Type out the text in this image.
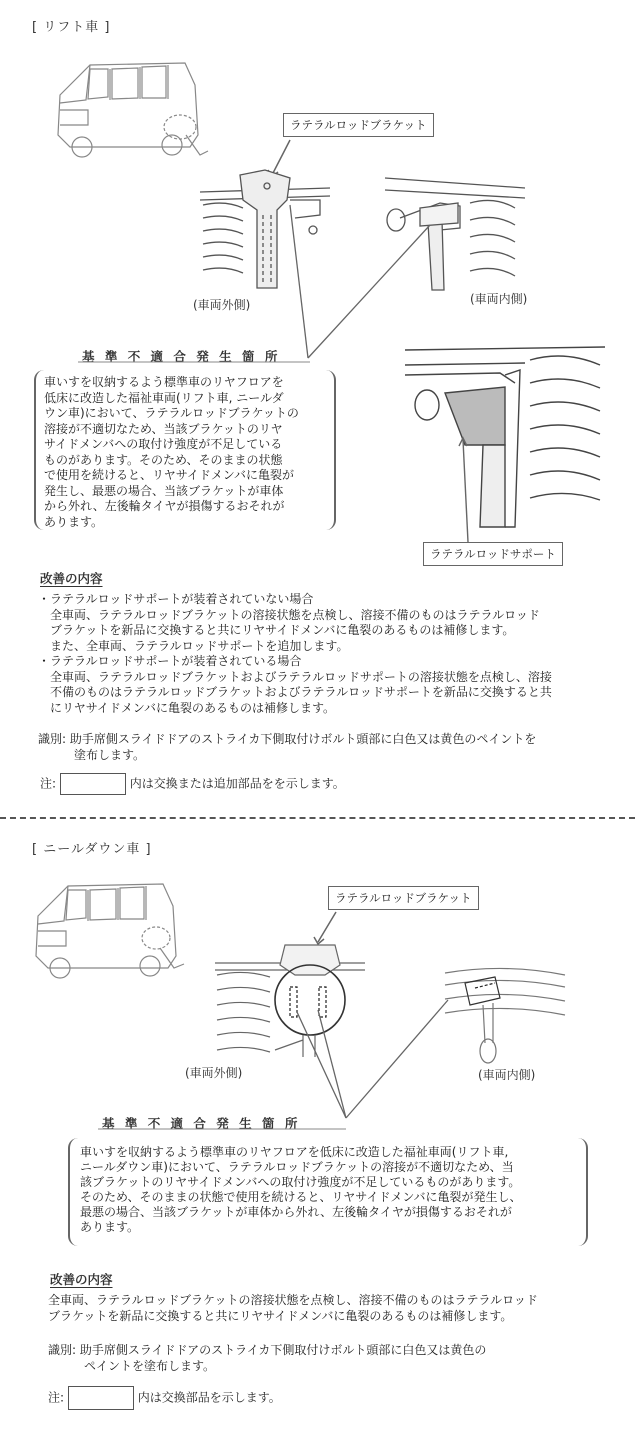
[ リフト車 ]
ラテラルロッドブラケット
(車両外側)	(車両内側)
基 準 不 適 合 発 生 箇 所
車いすを収納するよう標準車のリヤフロアを
低床に改造した福祉車両(リフト車, ニールダ
ウン車)において、ラテラルロッドブラケットの
溶接が不適切なため、当該ブラケットのリヤ
サイドメンバへの取付け強度が不足している
ものがあります。そのため、そのままの状態
で使用を続けると、リヤサイドメンバに亀裂が
発生し、最悪の場合、当該ブラケットが車体
から外れ、左後輪タイヤが損傷するおそれが
あります。
ラテラルロッドサポート
改善の内容
・ラテラルロッドサポートが装着されていない場合
　全車両、ラテラルロッドブラケットの溶接状態を点検し、溶接不備のものはラテラルロッド
　ブラケットを新品に交換すると共にリヤサイドメンバに亀裂のあるものは補修します。
　また、全車両、ラテラルロッドサポートを追加します。
・ラテラルロッドサポートが装着されている場合
　全車両、ラテラルロッドブラケットおよびラテラルロッドサポートの溶接状態を点検し、溶接
　不備のものはラテラルロッドブラケットおよびラテラルロッドサポートを新品に交換すると共
　にリヤサイドメンバに亀裂のあるものは補修します。
識別: 助手席側スライドドアのストライカ下側取付けボルト頭部に白色又は黄色のペイントを
　　　塗布します。
注:	内は交換または追加部品をを示します。
[ ニールダウン車 ]
ラテラルロッドブラケット
(車両外側)	(車両内側)
基 準 不 適 合 発 生 箇 所
車いすを収納するよう標準車のリヤフロアを低床に改造した福祉車両(リフト車,
ニールダウン車)において、ラテラルロッドブラケットの溶接が不適切なため、当
該ブラケットのリヤサイドメンバへの取付け強度が不足しているものがあります。
そのため、そのままの状態で使用を続けると、リヤサイドメンバに亀裂が発生し、
最悪の場合、当該ブラケットが車体から外れ、左後輪タイヤが損傷するおそれが
あります。
改善の内容
全車両、ラテラルロッドブラケットの溶接状態を点検し、溶接不備のものはラテラルロッド
ブラケットを新品に交換すると共にリヤサイドメンバに亀裂のあるものは補修します。
識別: 助手席側スライドドアのストライカ下側取付けボルト頭部に白色又は黄色の
　　　ペイントを塗布します。
注:	内は交換部品を示します。
